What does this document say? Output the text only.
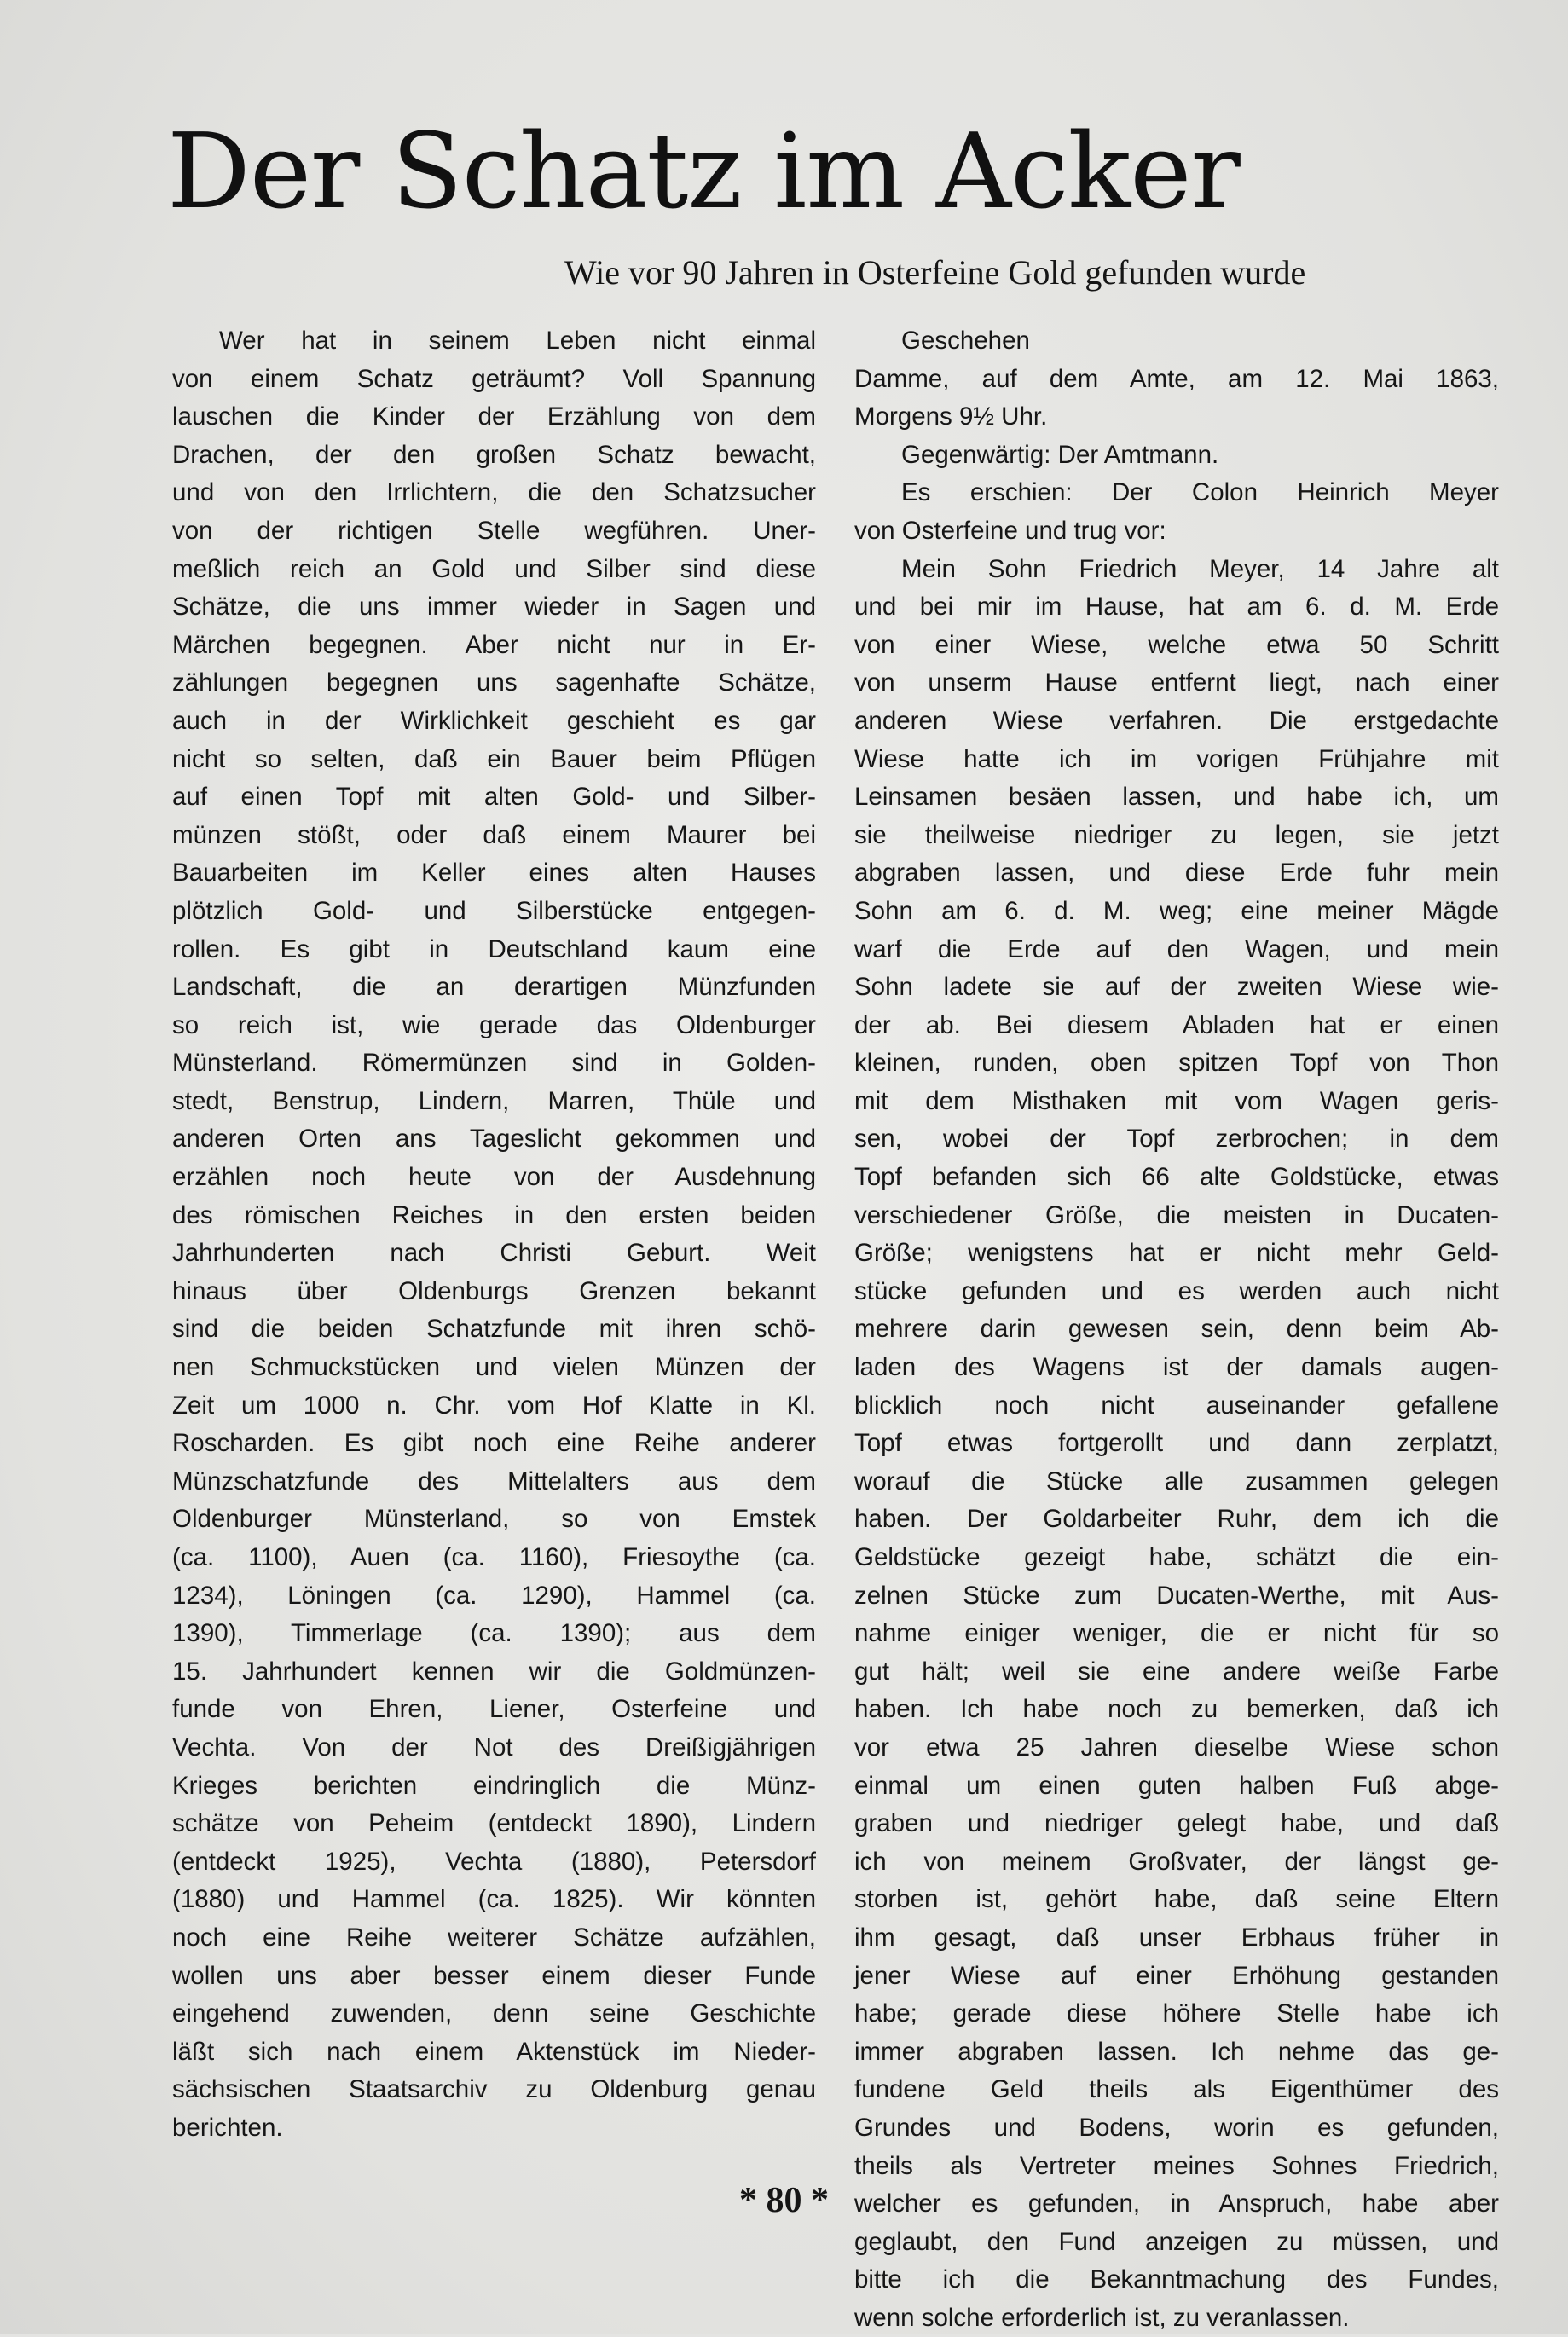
Der Schatz im Acker
Wie vor 90 Jahren in Osterfeine Gold gefunden wurde
Wer hat in seinem Leben nicht einmal
von einem Schatz geträumt? Voll Spannung
lauschen die Kinder der Erzählung von dem
Drachen, der den großen Schatz bewacht,
und von den Irrlichtern, die den Schatzsucher
von der richtigen Stelle wegführen. Uner-
meßlich reich an Gold und Silber sind diese
Schätze, die uns immer wieder in Sagen und
Märchen begegnen. Aber nicht nur in Er-
zählungen begegnen uns sagenhafte Schätze,
auch in der Wirklichkeit geschieht es gar
nicht so selten, daß ein Bauer beim Pflügen
auf einen Topf mit alten Gold- und Silber-
münzen stößt, oder daß einem Maurer bei
Bauarbeiten im Keller eines alten Hauses
plötzlich Gold- und Silberstücke entgegen-
rollen. Es gibt in Deutschland kaum eine
Landschaft, die an derartigen Münzfunden
so reich ist, wie gerade das Oldenburger
Münsterland. Römermünzen sind in Golden-
stedt, Benstrup, Lindern, Marren, Thüle und
anderen Orten ans Tageslicht gekommen und
erzählen noch heute von der Ausdehnung
des römischen Reiches in den ersten beiden
Jahrhunderten nach Christi Geburt. Weit
hinaus über Oldenburgs Grenzen bekannt
sind die beiden Schatzfunde mit ihren schö-
nen Schmuckstücken und vielen Münzen der
Zeit um 1000 n. Chr. vom Hof Klatte in Kl.
Roscharden. Es gibt noch eine Reihe anderer
Münzschatzfunde des Mittelalters aus dem
Oldenburger Münsterland, so von Emstek
(ca. 1100), Auen (ca. 1160), Friesoythe (ca.
1234), Löningen (ca. 1290), Hammel (ca.
1390), Timmerlage (ca. 1390); aus dem
15. Jahrhundert kennen wir die Goldmünzen-
funde von Ehren, Liener, Osterfeine und
Vechta. Von der Not des Dreißigjährigen
Krieges berichten eindringlich die Münz-
schätze von Peheim (entdeckt 1890), Lindern
(entdeckt 1925), Vechta (1880), Petersdorf
(1880) und Hammel (ca. 1825). Wir könnten
noch eine Reihe weiterer Schätze aufzählen,
wollen uns aber besser einem dieser Funde
eingehend zuwenden, denn seine Geschichte
läßt sich nach einem Aktenstück im Nieder-
sächsischen Staatsarchiv zu Oldenburg genau
berichten.
Geschehen
Damme, auf dem Amte, am 12. Mai 1863,
Morgens 9½ Uhr.
Gegenwärtig: Der Amtmann.
Es erschien: Der Colon Heinrich Meyer
von Osterfeine und trug vor:
Mein Sohn Friedrich Meyer, 14 Jahre alt
und bei mir im Hause, hat am 6. d. M. Erde
von einer Wiese, welche etwa 50 Schritt
von unserm Hause entfernt liegt, nach einer
anderen Wiese verfahren. Die erstgedachte
Wiese hatte ich im vorigen Frühjahre mit
Leinsamen besäen lassen, und habe ich, um
sie theilweise niedriger zu legen, sie jetzt
abgraben lassen, und diese Erde fuhr mein
Sohn am 6. d. M. weg; eine meiner Mägde
warf die Erde auf den Wagen, und mein
Sohn ladete sie auf der zweiten Wiese wie-
der ab. Bei diesem Abladen hat er einen
kleinen, runden, oben spitzen Topf von Thon
mit dem Misthaken mit vom Wagen geris-
sen, wobei der Topf zerbrochen; in dem
Topf befanden sich 66 alte Goldstücke, etwas
verschiedener Größe, die meisten in Ducaten-
Größe; wenigstens hat er nicht mehr Geld-
stücke gefunden und es werden auch nicht
mehrere darin gewesen sein, denn beim Ab-
laden des Wagens ist der damals augen-
blicklich noch nicht auseinander gefallene
Topf etwas fortgerollt und dann zerplatzt,
worauf die Stücke alle zusammen gelegen
haben. Der Goldarbeiter Ruhr, dem ich die
Geldstücke gezeigt habe, schätzt die ein-
zelnen Stücke zum Ducaten-Werthe, mit Aus-
nahme einiger weniger, die er nicht für so
gut hält; weil sie eine andere weiße Farbe
haben. Ich habe noch zu bemerken, daß ich
vor etwa 25 Jahren dieselbe Wiese schon
einmal um einen guten halben Fuß abge-
graben und niedriger gelegt habe, und daß
ich von meinem Großvater, der längst ge-
storben ist, gehört habe, daß seine Eltern
ihm gesagt, daß unser Erbhaus früher in
jener Wiese auf einer Erhöhung gestanden
habe; gerade diese höhere Stelle habe ich
immer abgraben lassen. Ich nehme das ge-
fundene Geld theils als Eigenthümer des
Grundes und Bodens, worin es gefunden,
theils als Vertreter meines Sohnes Friedrich,
welcher es gefunden, in Anspruch, habe aber
geglaubt, den Fund anzeigen zu müssen, und
bitte ich die Bekanntmachung des Fundes,
wenn solche erforderlich ist, zu veranlassen.
* 80 *
